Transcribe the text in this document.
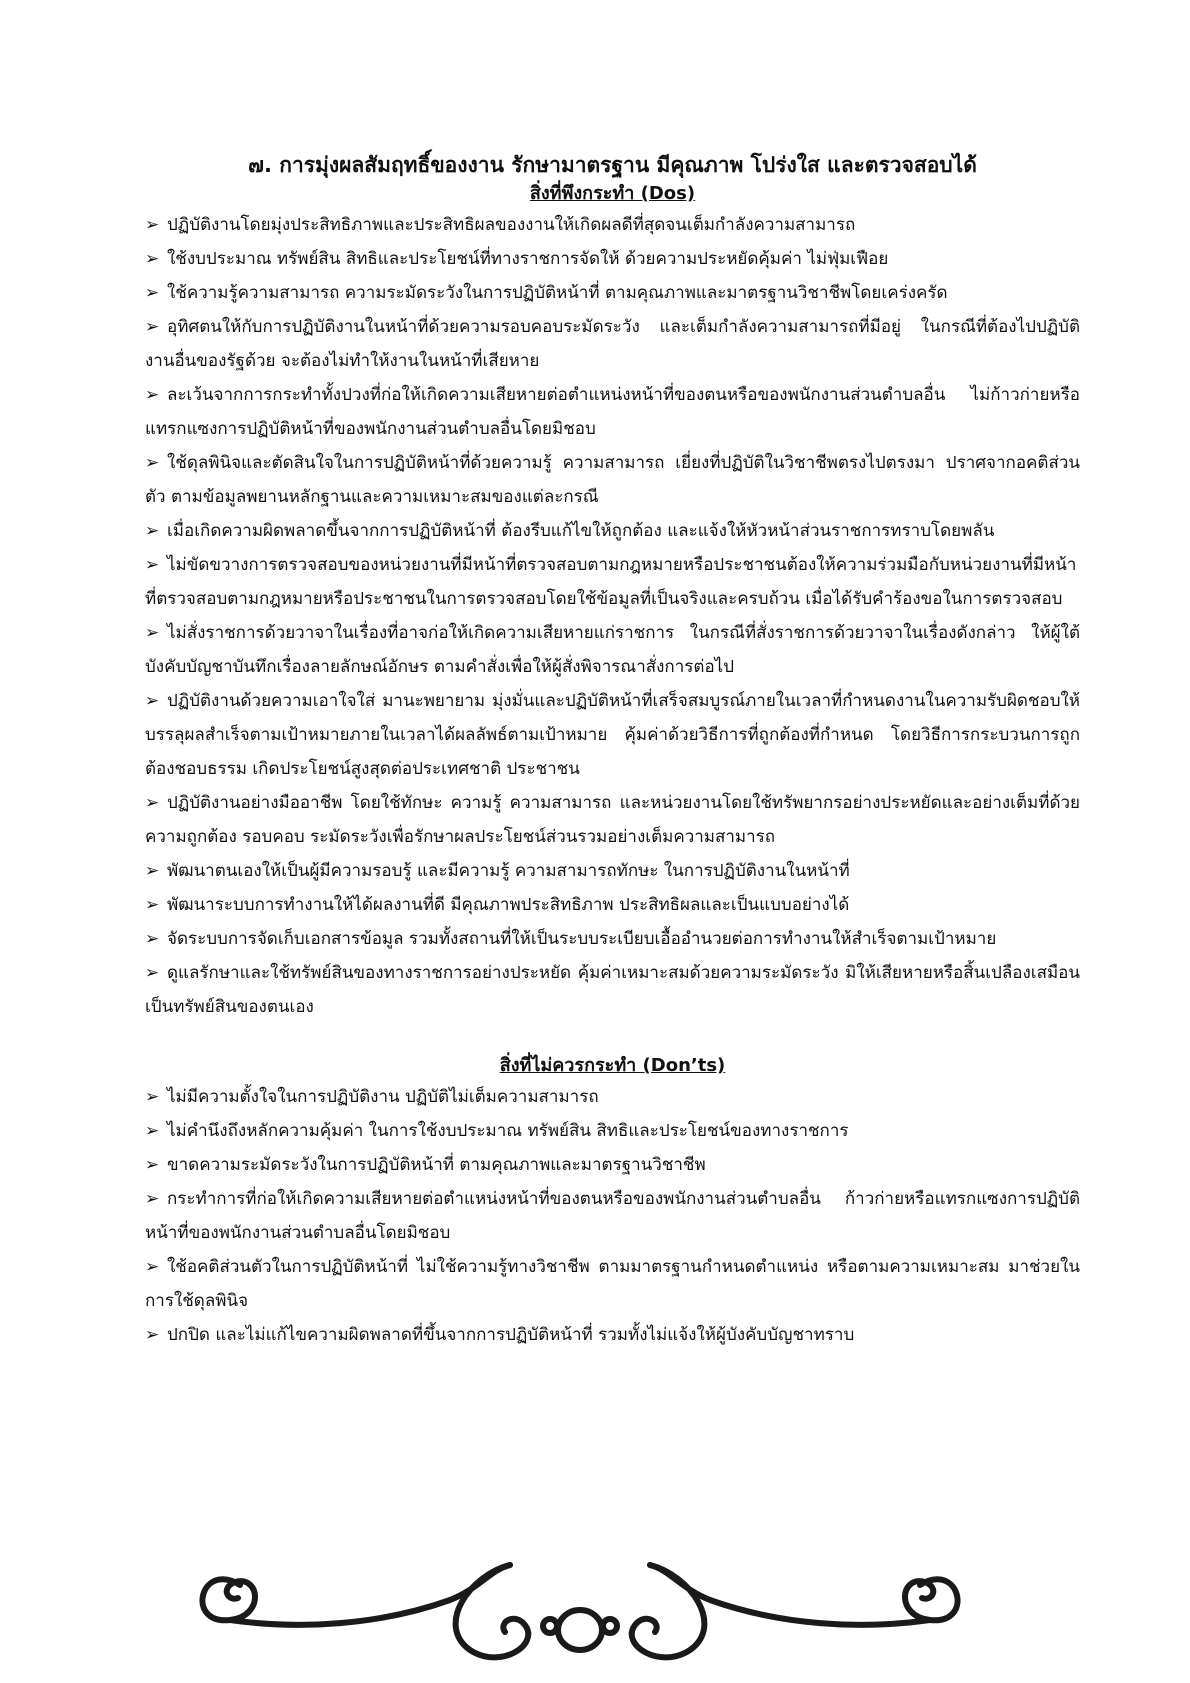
๗. การมุ่งผลสัมฤทธิ์ของงาน รักษามาตรฐาน มีคุณภาพ โปร่งใส และตรวจสอบได้
สิ่งที่พึงกระทำ (Dos)
➢ ปฏิบัติงานโดยมุ่งประสิทธิภาพและประสิทธิผลของงานให้เกิดผลดีที่สุดจนเต็มกำลังความสามารถ
➢ ใช้งบประมาณ ทรัพย์สิน สิทธิและประโยชน์ที่ทางราชการจัดให้ ด้วยความประหยัดคุ้มค่า ไม่ฟุ่มเฟือย
➢ ใช้ความรู้ความสามารถ ความระมัดระวังในการปฏิบัติหน้าที่ ตามคุณภาพและมาตรฐานวิชาชีพโดยเคร่งครัด
➢ อุทิศตนให้กับการปฏิบัติงานในหน้าที่ด้วยความรอบคอบระมัดระวัง และเต็มกำลังความสามารถที่มีอยู่ ในกรณีที่ต้องไปปฏิบัติงานอื่นของรัฐด้วย จะต้องไม่ทำให้งานในหน้าที่เสียหาย
➢ ละเว้นจากการกระทำทั้งปวงที่ก่อให้เกิดความเสียหายต่อตำแหน่งหน้าที่ของตนหรือของพนักงานส่วนตำบลอื่น ไม่ก้าวก่ายหรือแทรกแซงการปฏิบัติหน้าที่ของพนักงานส่วนตำบลอื่นโดยมิชอบ
➢ ใช้ดุลพินิจและตัดสินใจในการปฏิบัติหน้าที่ด้วยความรู้ ความสามารถ เยี่ยงที่ปฏิบัติในวิชาชีพตรงไปตรงมา ปราศจากอคติส่วนตัว ตามข้อมูลพยานหลักฐานและความเหมาะสมของแต่ละกรณี
➢ เมื่อเกิดความผิดพลาดขึ้นจากการปฏิบัติหน้าที่ ต้องรีบแก้ไขให้ถูกต้อง และแจ้งให้หัวหน้าส่วนราชการทราบโดยพลัน
➢ ไม่ขัดขวางการตรวจสอบของหน่วยงานที่มีหน้าที่ตรวจสอบตามกฎหมายหรือประชาชนต้องให้ความร่วมมือกับหน่วยงานที่มีหน้าที่ตรวจสอบตามกฎหมายหรือประชาชนในการตรวจสอบโดยใช้ข้อมูลที่เป็นจริงและครบถ้วน เมื่อได้รับคำร้องขอในการตรวจสอบ
➢ ไม่สั่งราชการด้วยวาจาในเรื่องที่อาจก่อให้เกิดความเสียหายแก่ราชการ ในกรณีที่สั่งราชการด้วยวาจาในเรื่องดังกล่าว ให้ผู้ใต้บังคับบัญชาบันทึกเรื่องลายลักษณ์อักษร ตามคำสั่งเพื่อให้ผู้สั่งพิจารณาสั่งการต่อไป
➢ ปฏิบัติงานด้วยความเอาใจใส่ มานะพยายาม มุ่งมั่นและปฏิบัติหน้าที่เสร็จสมบูรณ์ภายในเวลาที่กำหนดงานในความรับผิดชอบให้บรรลุผลสำเร็จตามเป้าหมายภายในเวลาได้ผลลัพธ์ตามเป้าหมาย คุ้มค่าด้วยวิธีการที่ถูกต้องที่กำหนด โดยวิธีการกระบวนการถูกต้องชอบธรรม เกิดประโยชน์สูงสุดต่อประเทศชาติ ประชาชน
➢ ปฏิบัติงานอย่างมืออาชีพ โดยใช้ทักษะ ความรู้ ความสามารถ และหน่วยงานโดยใช้ทรัพยากรอย่างประหยัดและอย่างเต็มที่ด้วยความถูกต้อง รอบคอบ ระมัดระวังเพื่อรักษาผลประโยชน์ส่วนรวมอย่างเต็มความสามารถ
➢ พัฒนาตนเองให้เป็นผู้มีความรอบรู้ และมีความรู้ ความสามารถทักษะ ในการปฏิบัติงานในหน้าที่
➢ พัฒนาระบบการทำงานให้ได้ผลงานที่ดี มีคุณภาพประสิทธิภาพ ประสิทธิผลและเป็นแบบอย่างได้
➢ จัดระบบการจัดเก็บเอกสารข้อมูล รวมทั้งสถานที่ให้เป็นระบบระเบียบเอื้ออำนวยต่อการทำงานให้สำเร็จตามเป้าหมาย
➢ ดูแลรักษาและใช้ทรัพย์สินของทางราชการอย่างประหยัด คุ้มค่าเหมาะสมด้วยความระมัดระวัง มิให้เสียหายหรือสิ้นเปลืองเสมือนเป็นทรัพย์สินของตนเอง
สิ่งที่ไม่ควรกระทำ (Don’ts)
➢ ไม่มีความตั้งใจในการปฏิบัติงาน ปฏิบัติไม่เต็มความสามารถ
➢ ไม่คำนึงถึงหลักความคุ้มค่า ในการใช้งบประมาณ ทรัพย์สิน สิทธิและประโยชน์ของทางราชการ
➢ ขาดความระมัดระวังในการปฏิบัติหน้าที่ ตามคุณภาพและมาตรฐานวิชาชีพ
➢ กระทำการที่ก่อให้เกิดความเสียหายต่อตำแหน่งหน้าที่ของตนหรือของพนักงานส่วนตำบลอื่น ก้าวก่ายหรือแทรกแซงการปฏิบัติหน้าที่ของพนักงานส่วนตำบลอื่นโดยมิชอบ
➢ ใช้อคติส่วนตัวในการปฏิบัติหน้าที่ ไม่ใช้ความรู้ทางวิชาชีพ ตามมาตรฐานกำหนดตำแหน่ง หรือตามความเหมาะสม มาช่วยในการใช้ดุลพินิจ
➢ ปกปิด และไม่แก้ไขความผิดพลาดที่ขึ้นจากการปฏิบัติหน้าที่ รวมทั้งไม่แจ้งให้ผู้บังคับบัญชาทราบ
